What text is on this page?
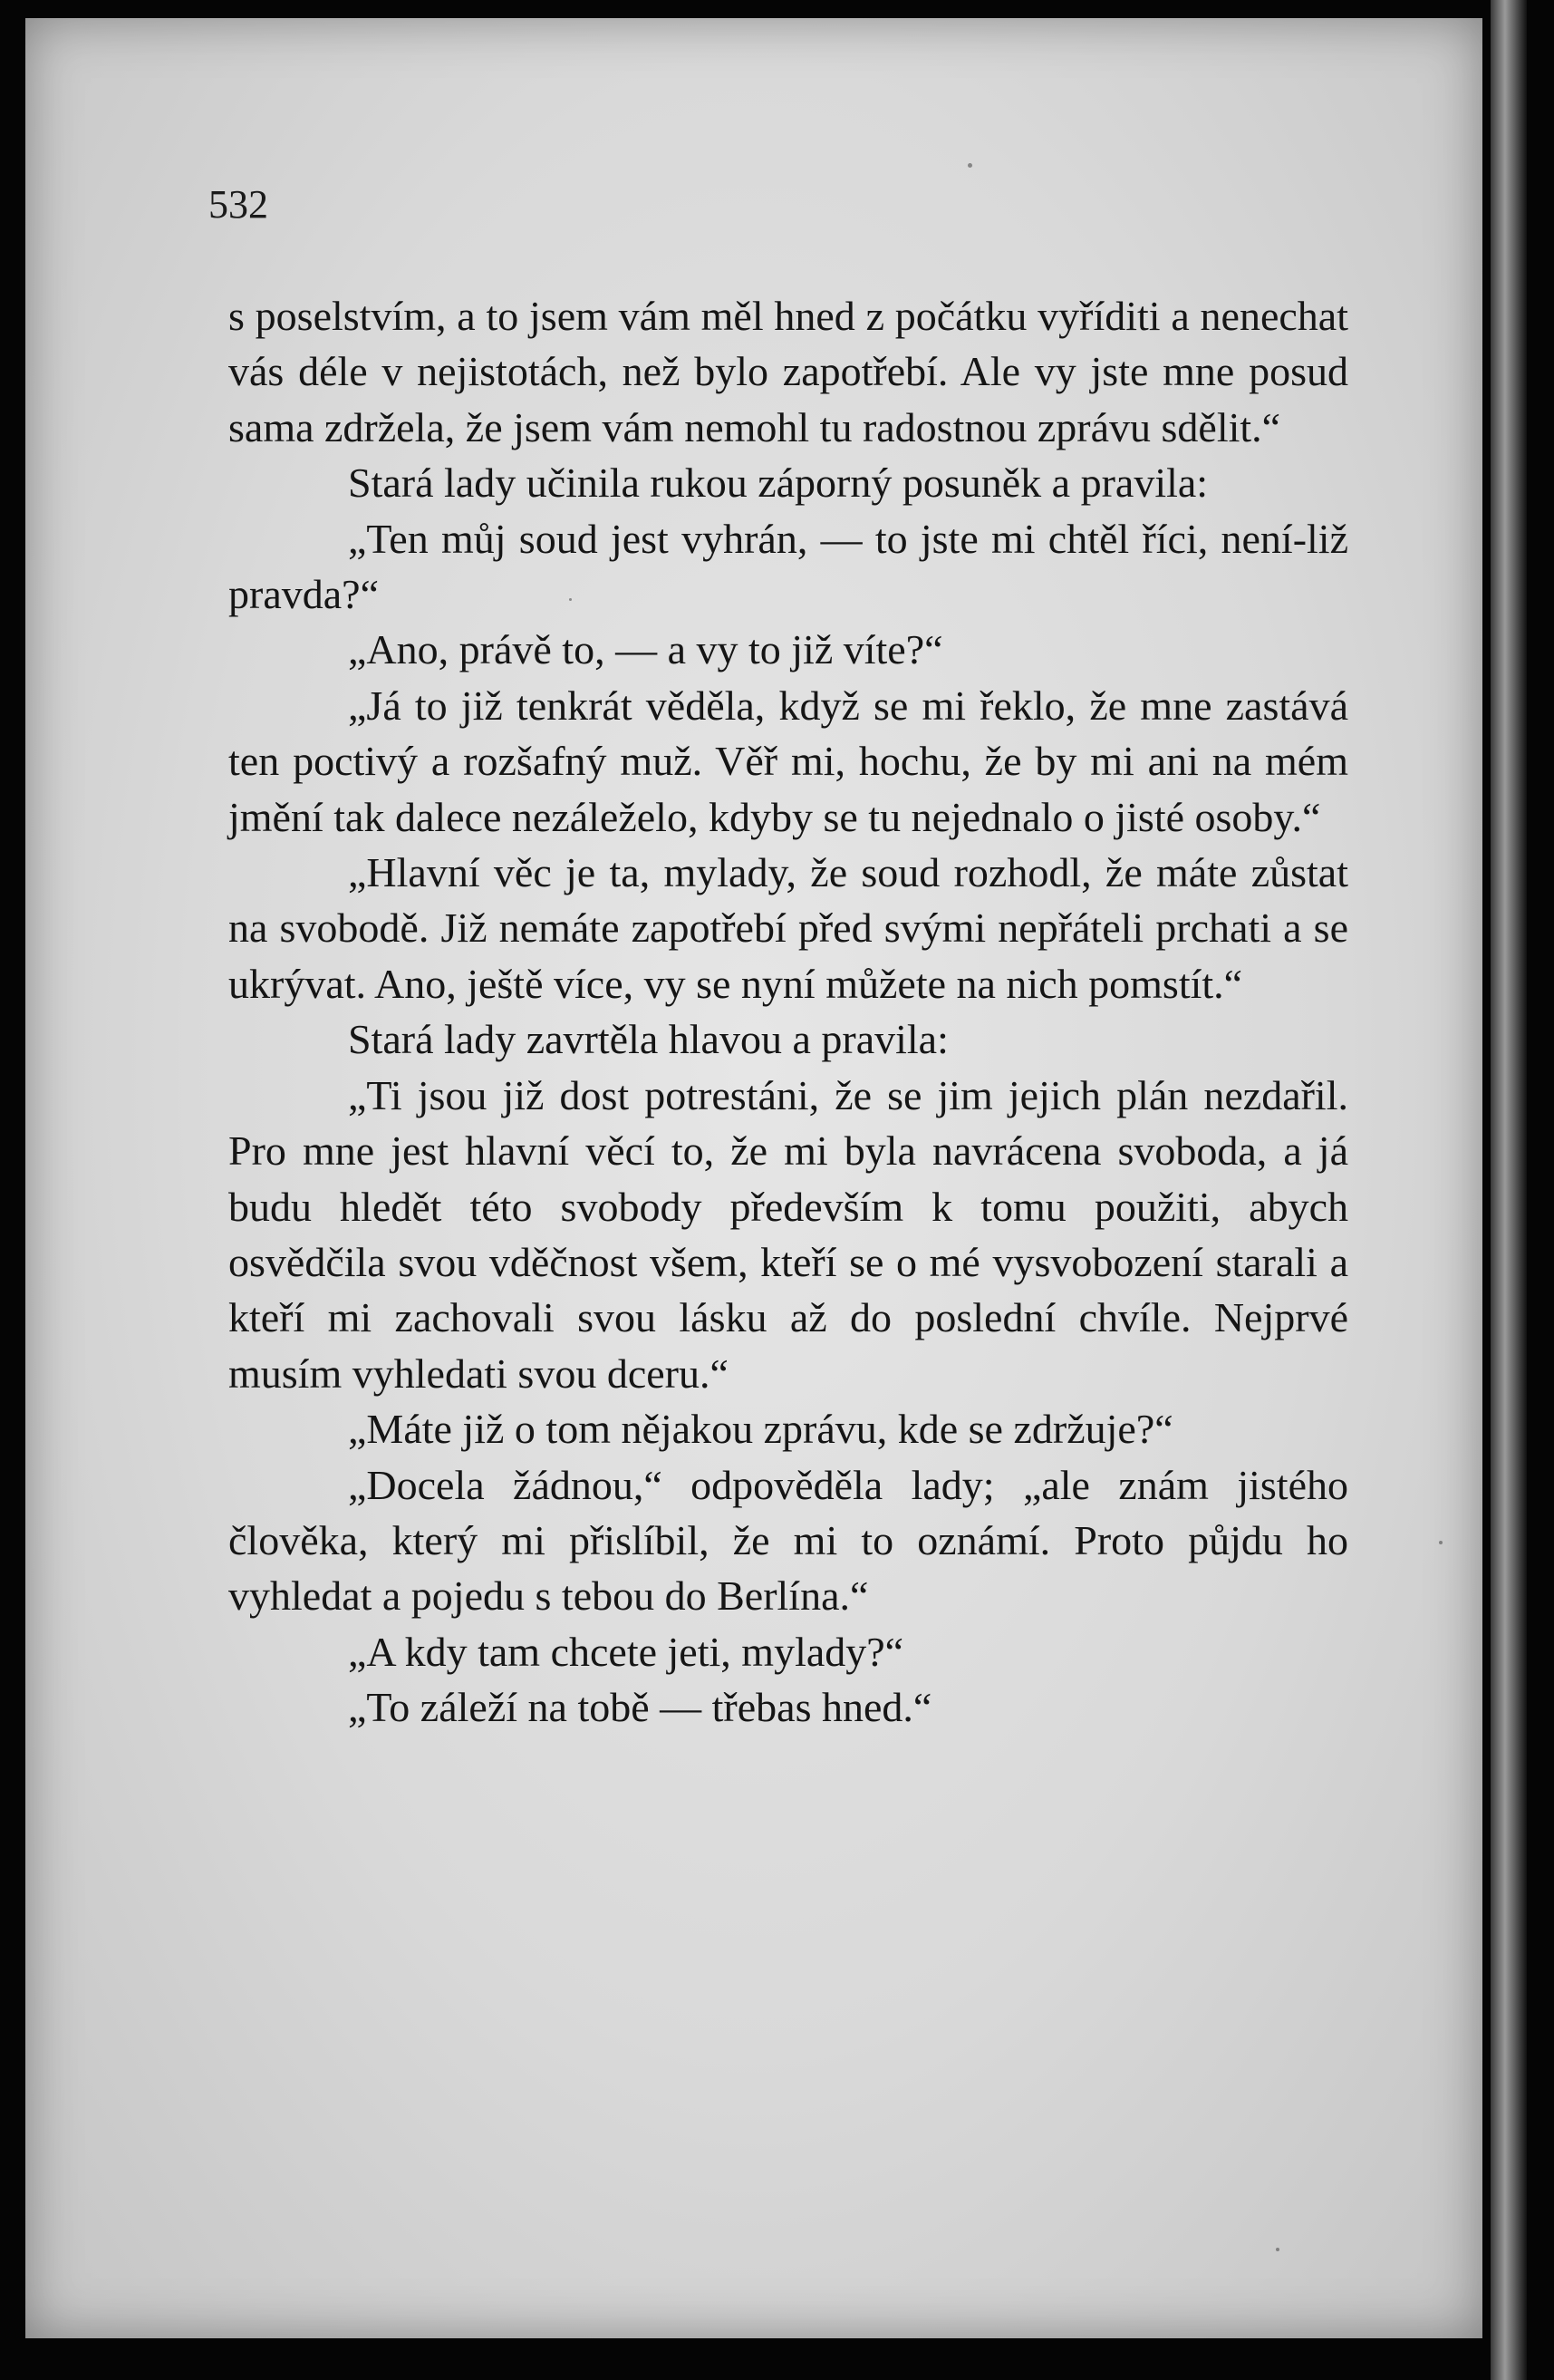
532

s poselstvím, a to jsem vám měl hned z počátku vyříditi a nenechat vás déle v nejistotách, než bylo zapotřebí. Ale vy jste mne posud sama zdržela, že jsem vám nemohl tu radostnou zprávu sdělit.“

Stará lady učinila rukou záporný posuněk a pravila:

„Ten můj soud jest vyhrán, — to jste mi chtěl říci, není-liž pravda?“

„Ano, právě to, — a vy to již víte?“

„Já to již tenkrát věděla, když se mi řeklo, že mne zastává ten poctivý a rozšafný muž. Věř mi, hochu, že by mi ani na mém jmění tak dalece nezáleželo, kdyby se tu nejednalo o jisté osoby.“

„Hlavní věc je ta, mylady, že soud rozhodl, že máte zůstat na svobodě. Již nemáte zapotřebí před svými nepřáteli prchati a se ukrývat. Ano, ještě více, vy se nyní můžete na nich pomstít.“

Stará lady zavrtěla hlavou a pravila:

„Ti jsou již dost potrestáni, že se jim jejich plán nezdařil. Pro mne jest hlavní věcí to, že mi byla navrácena svoboda, a já budu hledět této svobody především k tomu použiti, abych osvědčila svou vděčnost všem, kteří se o mé vysvobození starali a kteří mi zachovali svou lásku až do poslední chvíle. Nejprvé musím vyhledati svou dceru.“

„Máte již o tom nějakou zprávu, kde se zdržuje?“

„Docela žádnou,“ odpověděla lady; „ale znám jistého člověka, který mi přislíbil, že mi to oznámí. Proto půjdu ho vyhledat a pojedu s tebou do Berlína.“

„A kdy tam chcete jeti, mylady?“

„To záleží na tobě — třebas hned.“
